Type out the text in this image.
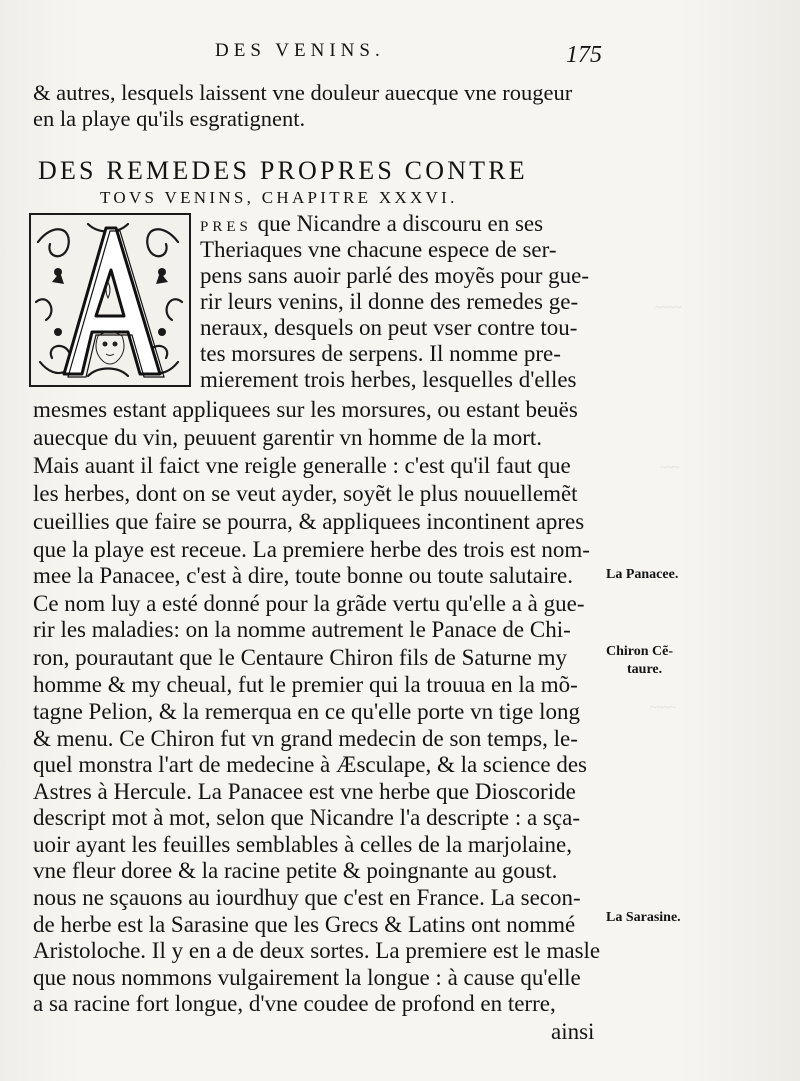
DES VENINS.	175
& autres, lesquels laissent vne douleur auecque vne rougeur
en la playe qu'ils esgratignent.
DES REMEDES PROPRES CONTRE
TOVS VENINS, CHAPITRE XXXVI.
PRES que Nicandre a discouru en ses
Theriaques vne chacune espece de ser-
pens sans auoir parlé des moyẽs pour gue-
rir leurs venins, il donne des remedes ge-
neraux, desquels on peut vser contre tou-
tes morsures de serpens. Il nomme pre-
mierement trois herbes, lesquelles d'elles
mesmes estant appliquees sur les morsures, ou estant beuës
auecque du vin, peuuent garentir vn homme de la mort.
Mais auant il faict vne reigle generalle : c'est qu'il faut que
les herbes, dont on se veut ayder, soyẽt le plus nouuellemẽt
cueillies que faire se pourra, & appliquees incontinent apres
que la playe est receue. La premiere herbe des trois est nom-
mee la Panacee, c'est à dire, toute bonne ou toute salutaire.
Ce nom luy a esté donné pour la grãde vertu qu'elle a à gue-
rir les maladies: on la nomme autrement le Panace de Chi-
ron, pourautant que le Centaure Chiron fils de Saturne my
homme & my cheual, fut le premier qui la trouua en la mõ-
tagne Pelion, & la remerqua en ce qu'elle porte vn tige long
& menu. Ce Chiron fut vn grand medecin de son temps, le-
quel monstra l'art de medecine à Æsculape, & la science des
Astres à Hercule. La Panacee est vne herbe que Dioscoride
descript mot à mot, selon que Nicandre l'a descripte : a sça-
uoir ayant les feuilles semblables à celles de la marjolaine,
vne fleur doree & la racine petite & poingnante au goust.
nous ne sçauons au iourdhuy que c'est en France. La secon-
de herbe est la Sarasine que les Grecs & Latins ont nommé
Aristoloche. Il y en a de deux sortes. La premiere est le masle
que nous nommons vulgairement la longue : à cause qu'elle
a sa racine fort longue, d'vne coudee de profond en terre,
ainsi
La Panacee.
Chiron Cẽ-
taure.
La Sarasine.
~~~~
~~~
~~~~
